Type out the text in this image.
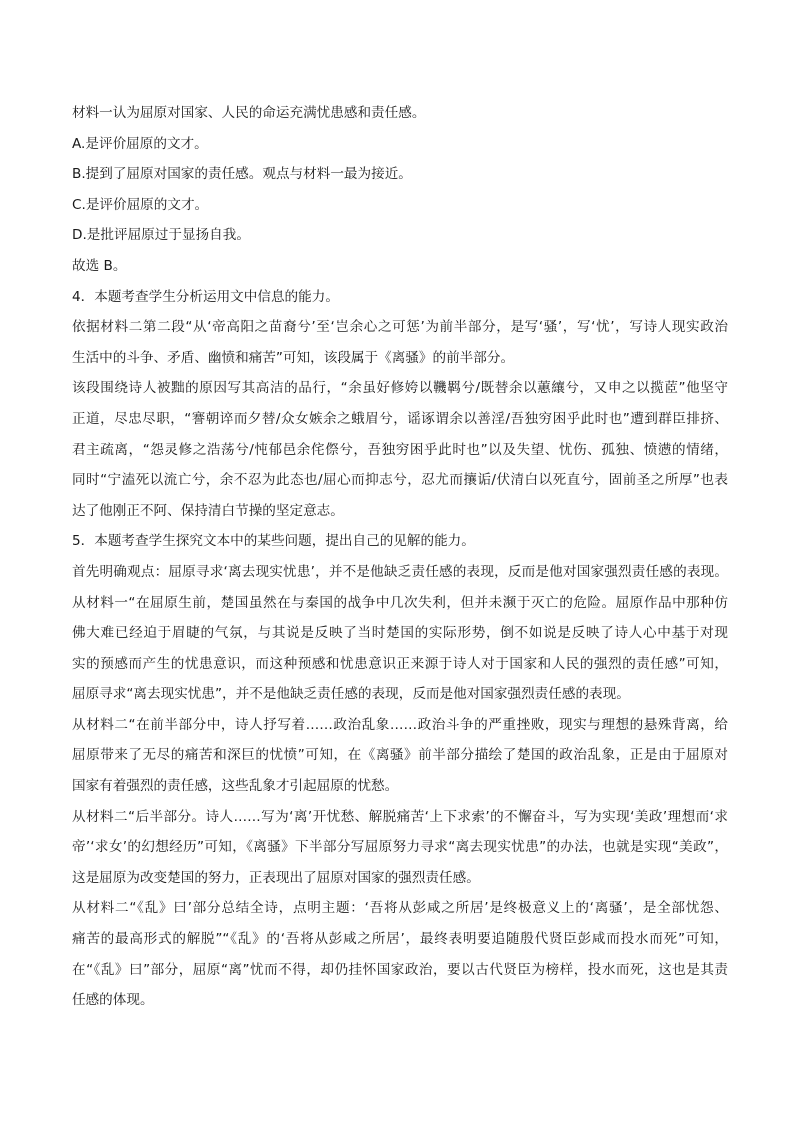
材料一认为屈原对国家、人民的命运充满忧患感和责任感。
A.是评价屈原的文才。
B.提到了屈原对国家的责任感。观点与材料一最为接近。
C.是评价屈原的文才。
D.是批评屈原过于显扬自我。
故选 B。
4．本题考查学生分析运用文中信息的能力。
依据材料二第二段“从‘帝高阳之苗裔兮’至‘岂余心之可惩’为前半部分，是写‘骚’，写‘忧’，写诗人现实政治
生活中的斗争、矛盾、幽愤和痛苦”可知，该段属于《离骚》的前半部分。
该段围绕诗人被黜的原因写其高洁的品行，“余虽好修姱以鞿羁兮/既替余以蕙纕兮，又申之以揽茝”他坚守
正道，尽忠尽职，“謇朝谇而夕替/众女嫉余之蛾眉兮，谣诼谓余以善淫/吾独穷困乎此时也”遭到群臣排挤、
君主疏离，“怨灵修之浩荡兮/忳郁邑余侘傺兮，吾独穷困乎此时也”以及失望、忧伤、孤独、愤懑的情绪，
同时“宁溘死以流亡兮，余不忍为此态也/屈心而抑志兮，忍尤而攘诟/伏清白以死直兮，固前圣之所厚”也表
达了他刚正不阿、保持清白节操的坚定意志。
5．本题考查学生探究文本中的某些问题，提出自己的见解的能力。
首先明确观点：屈原寻求‘离去现实忧患’，并不是他缺乏责任感的表现，反而是他对国家强烈责任感的表现。
从材料一“在屈原生前，楚国虽然在与秦国的战争中几次失利，但并未濒于灭亡的危险。屈原作品中那种仿
佛大难已经迫于眉睫的气氛，与其说是反映了当时楚国的实际形势，倒不如说是反映了诗人心中基于对现
实的预感而产生的忧患意识，而这种预感和忧患意识正来源于诗人对于国家和人民的强烈的责任感”可知，
屈原寻求“离去现实忧患”，并不是他缺乏责任感的表现，反而是他对国家强烈责任感的表现。
从材料二“在前半部分中，诗人抒写着……政治乱象……政治斗争的严重挫败，现实与理想的悬殊背离，给
屈原带来了无尽的痛苦和深巨的忧愤”可知，在《离骚》前半部分描绘了楚国的政治乱象，正是由于屈原对
国家有着强烈的责任感，这些乱象才引起屈原的忧愁。
从材料二“后半部分。诗人……写为‘离’开忧愁、解脱痛苦‘上下求索’的不懈奋斗，写为实现‘美政’理想而‘求
帝’‘求女’的幻想经历”可知，《离骚》下半部分写屈原努力寻求“离去现实忧患”的办法，也就是实现“美政”，
这是屈原为改变楚国的努力，正表现出了屈原对国家的强烈责任感。
从材料二“《乱》曰’部分总结全诗，点明主题：‘吾将从彭咸之所居’是终极意义上的‘离骚’，是全部忧怨、
痛苦的最高形式的解脱”“《乱》的‘吾将从彭咸之所居’，最终表明要追随殷代贤臣彭咸而投水而死”可知，
在“《乱》曰”部分，屈原“离”忧而不得，却仍挂怀国家政治，要以古代贤臣为榜样，投水而死，这也是其责
任感的体现。
